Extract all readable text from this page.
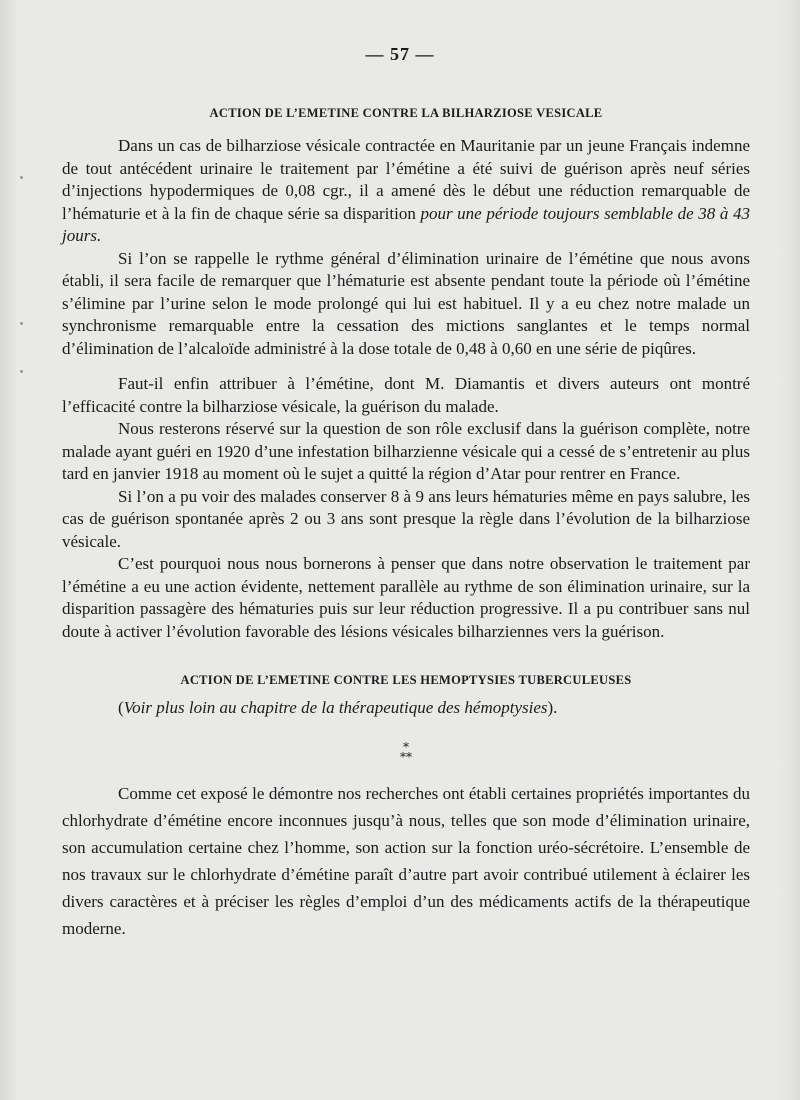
— 57 —
ACTION DE L’EMETINE CONTRE LA BILHARZIOSE VESICALE

Dans un cas de bilharziose vésicale contractée en Mauritanie par un jeune Français indemne de tout antécédent urinaire le traitement par l’émétine a été suivi de guérison après neuf séries d’injections hypodermiques de 0,08 cgr., il a amené dès le début une réduction remarquable de l’hématurie et à la fin de chaque série sa disparition pour une période toujours semblable de 38 à 43 jours.

Si l’on se rappelle le rythme général d’élimination urinaire de l’émétine que nous avons établi, il sera facile de remarquer que l’hématurie est absente pendant toute la période où l’émétine s’élimine par l’urine selon le mode prolongé qui lui est habituel. Il y a eu chez notre malade un synchronisme remarquable entre la cessation des mictions sanglantes et le temps normal d’élimination de l’alcaloïde administré à la dose totale de 0,48 à 0,60 en une série de piqûres.

Faut-il enfin attribuer à l’émétine, dont M. Diamantis et divers auteurs ont montré l’efficacité contre la bilharziose vésicale, la guérison du malade.

Nous resterons réservé sur la question de son rôle exclusif dans la guérison complète, notre malade ayant guéri en 1920 d’une infestation bilharzienne vésicale qui a cessé de s’entretenir au plus tard en janvier 1918 au moment où le sujet a quitté la région d’Atar pour rentrer en France.

Si l’on a pu voir des malades conserver 8 à 9 ans leurs hématuries même en pays salubre, les cas de guérison spontanée après 2 ou 3 ans sont presque la règle dans l’évolution de la bilharziose vésicale.

C’est pourquoi nous nous bornerons à penser que dans notre observation le traitement par l’émétine a eu une action évidente, nettement parallèle au rythme de son élimination urinaire, sur la disparition passagère des hématuries puis sur leur réduction progressive. Il a pu contribuer sans nul doute à activer l’évolution favorable des lésions vésicales bilharziennes vers la guérison.

ACTION DE L’EMETINE CONTRE LES HEMOPTYSIES TUBERCULEUSES
(Voir plus loin au chapitre de la thérapeutique des hémoptysies).
*
**

Comme cet exposé le démontre nos recherches ont établi certaines propriétés importantes du chlorhydrate d’émétine encore inconnues jusqu’à nous, telles que son mode d’élimination urinaire, son accumulation certaine chez l’homme, son action sur la fonction uréo-sécrétoire. L’ensemble de nos travaux sur le chlorhydrate d’émétine paraît d’autre part avoir contribué utilement à éclairer les divers caractères et à préciser les règles d’emploi d’un des médicaments actifs de la thérapeutique moderne.
